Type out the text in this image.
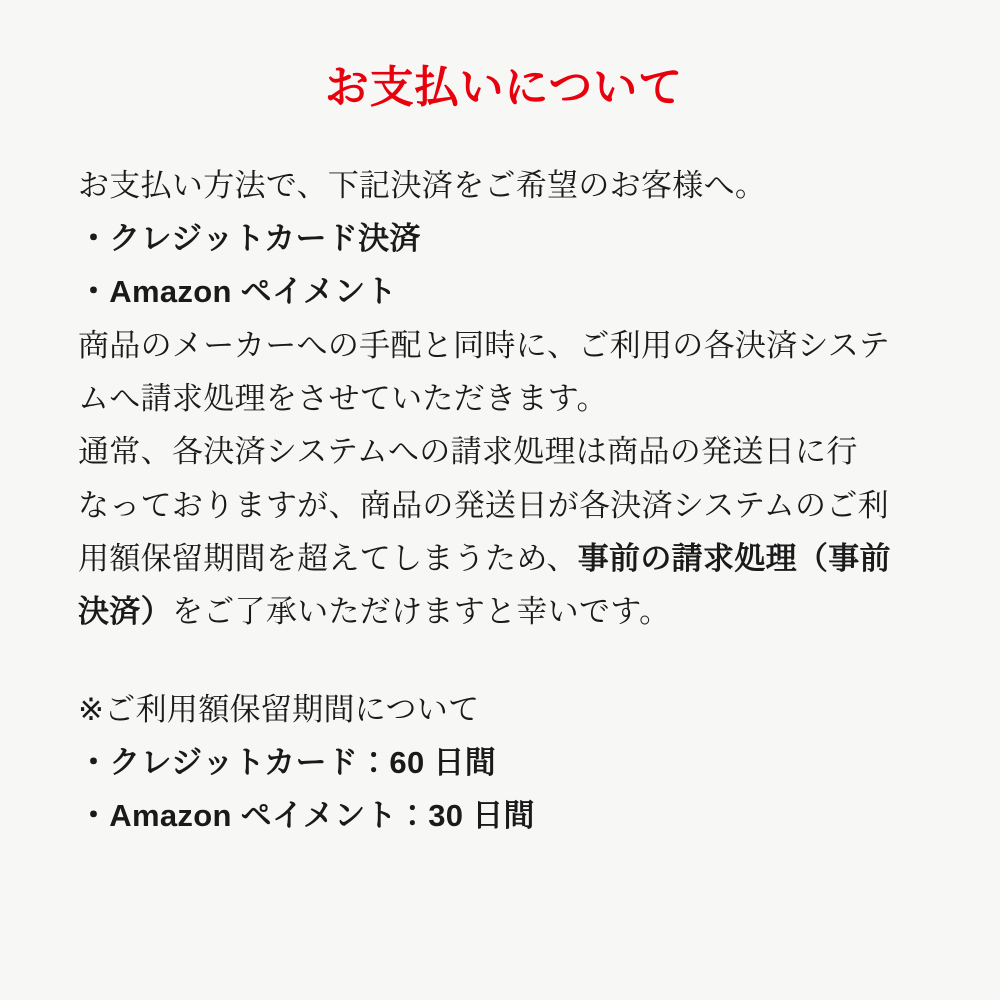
お支払いについて

お支払い方法で、下記決済をご希望のお客様へ。

・クレジットカード決済

・Amazon ペイメント

商品のメーカーへの手配と同時に、ご利用の各決済システ

ムへ請求処理をさせていただきます。

通常、各決済システムへの請求処理は商品の発送日に行

なっておりますが、商品の発送日が各決済システムのご利

用額保留期間を超えてしまうため、事前の請求処理（事前

決済）をご了承いただけますと幸いです。

※ご利用額保留期間について

・クレジットカード：60 日間

・Amazon ペイメント：30 日間
